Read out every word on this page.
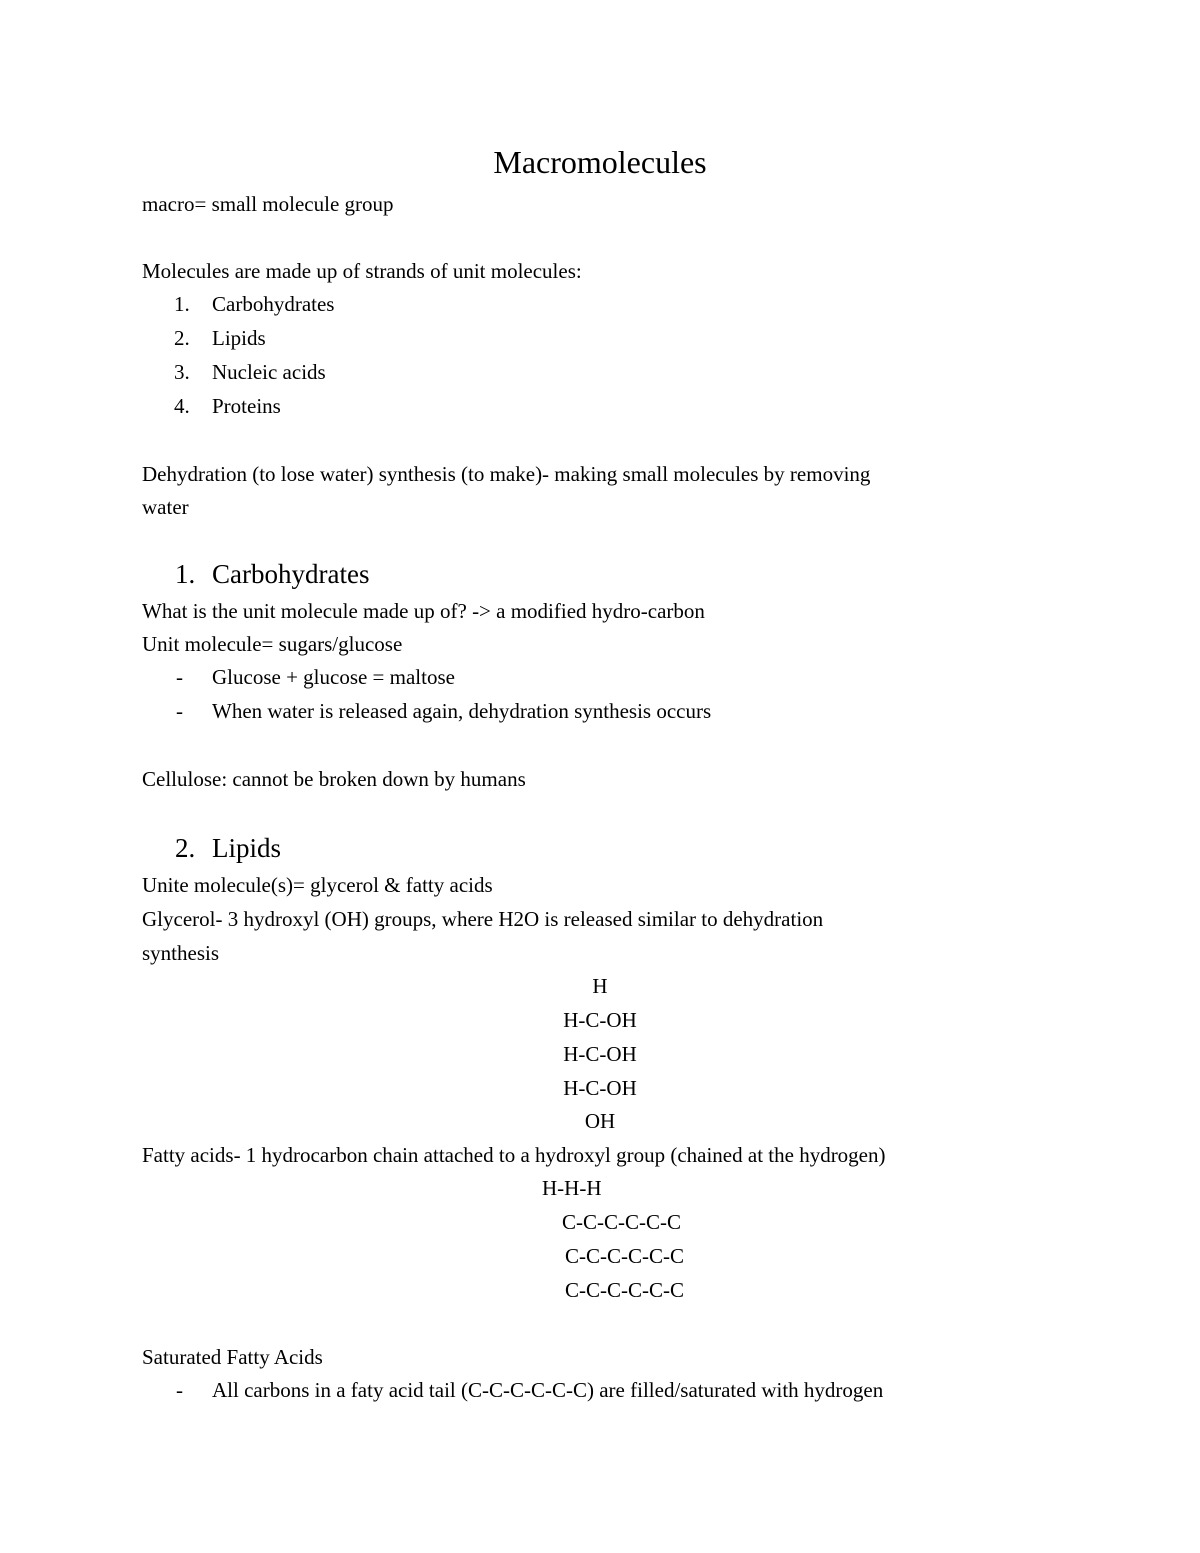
Macromolecules
macro= small molecule group
Molecules are made up of strands of unit molecules:
1. Carbohydrates
2. Lipids
3. Nucleic acids
4. Proteins
Dehydration (to lose water) synthesis (to make)- making small molecules by removing
water
1. Carbohydrates
What is the unit molecule made up of? -> a modified hydro-carbon
Unit molecule= sugars/glucose
- Glucose + glucose = maltose
- When water is released again, dehydration synthesis occurs
Cellulose: cannot be broken down by humans
2. Lipids
Unite molecule(s)= glycerol & fatty acids
Glycerol- 3 hydroxyl (OH) groups, where H2O is released similar to dehydration
synthesis
H
H-C-OH
H-C-OH
H-C-OH
OH
Fatty acids- 1 hydrocarbon chain attached to a hydroxyl group (chained at the hydrogen)
H-H-H
C-C-C-C-C-C
C-C-C-C-C-C
C-C-C-C-C-C
Saturated Fatty Acids
- All carbons in a faty acid tail (C-C-C-C-C-C) are filled/saturated with hydrogen
